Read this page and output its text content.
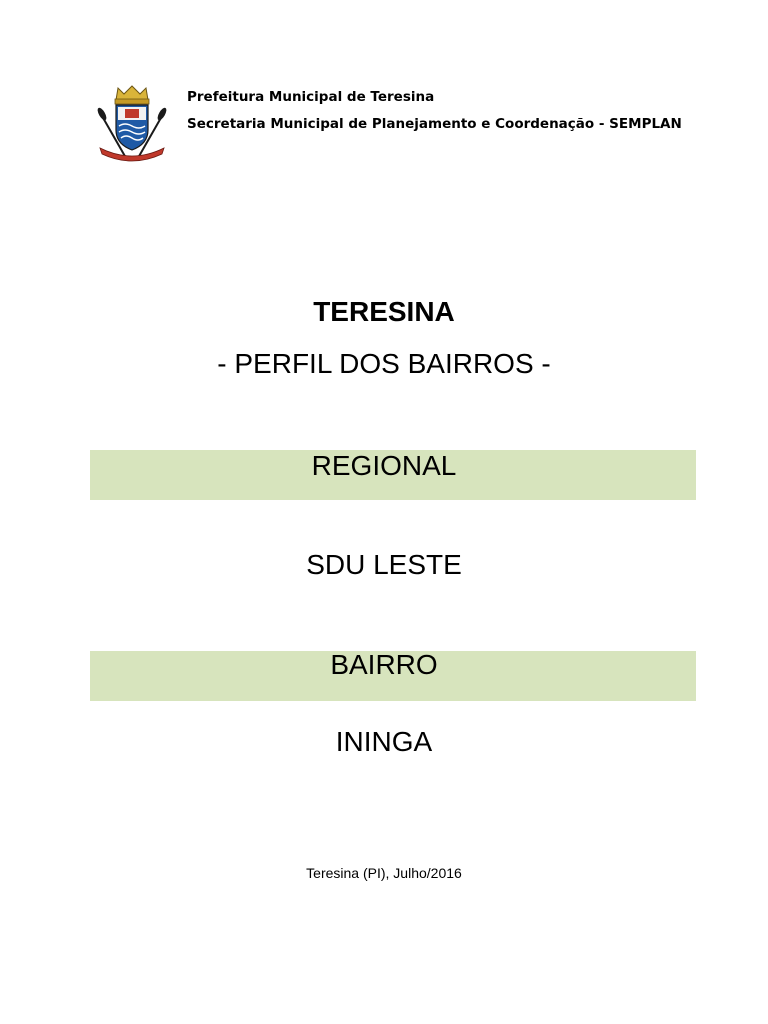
Prefeitura Municipal de Teresina
Secretaria Municipal de Planejamento e Coordenação - SEMPLAN
TERESINA
- PERFIL DOS BAIRROS -
REGIONAL
SDU LESTE
BAIRRO
ININGA
Teresina (PI), Julho/2016
